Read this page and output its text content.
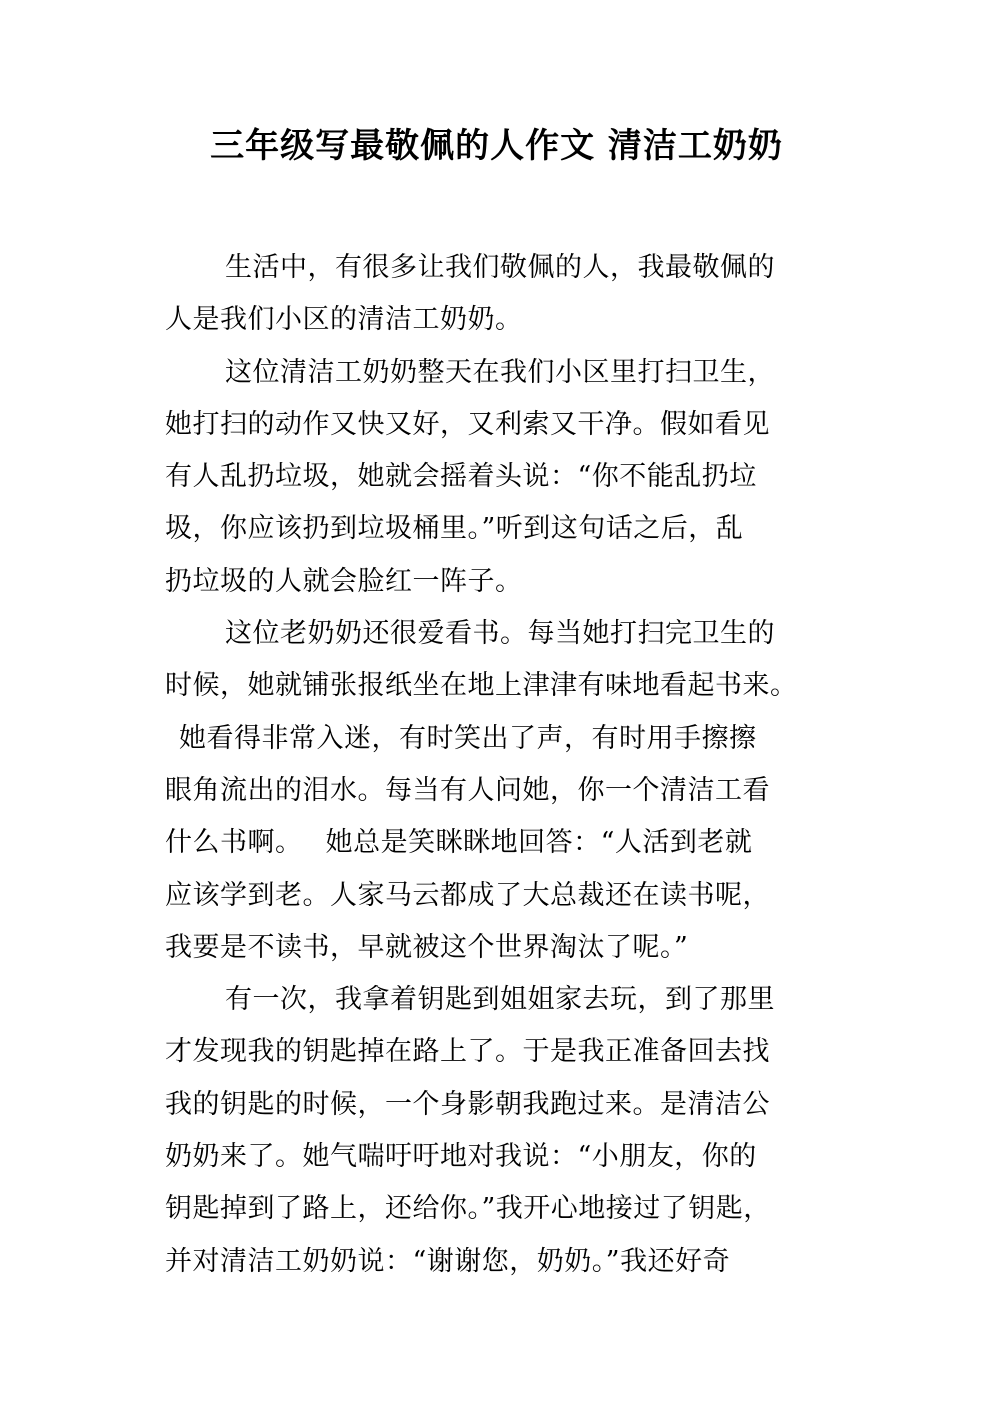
三年级写最敬佩的人作文 清洁工奶奶
生活中，有很多让我们敬佩的人，我最敬佩的
人是我们小区的清洁工奶奶。
这位清洁工奶奶整天在我们小区里打扫卫生，
她打扫的动作又快又好，又利索又干净。假如看见
有人乱扔垃圾，她就会摇着头说：“你不能乱扔垃
圾，你应该扔到垃圾桶里。”听到这句话之后，乱
扔垃圾的人就会脸红一阵子。
这位老奶奶还很爱看书。每当她打扫完卫生的
时候，她就铺张报纸坐在地上津津有味地看起书来。
她看得非常入迷，有时笑出了声，有时用手擦擦
眼角流出的泪水。每当有人问她，你一个清洁工看
什么书啊。　 她总是笑眯眯地回答：“人活到老就
应该学到老。人家马云都成了大总裁还在读书呢，
我要是不读书，早就被这个世界淘汰了呢。”
有一次，我拿着钥匙到姐姐家去玩，到了那里
才发现我的钥匙掉在路上了。于是我正准备回去找
我的钥匙的时候，一个身影朝我跑过来。是清洁公
奶奶来了。她气喘吁吁地对我说：“小朋友，你的
钥匙掉到了路上，还给你。”我开心地接过了钥匙，
并对清洁工奶奶说：“谢谢您，奶奶。”我还好奇
